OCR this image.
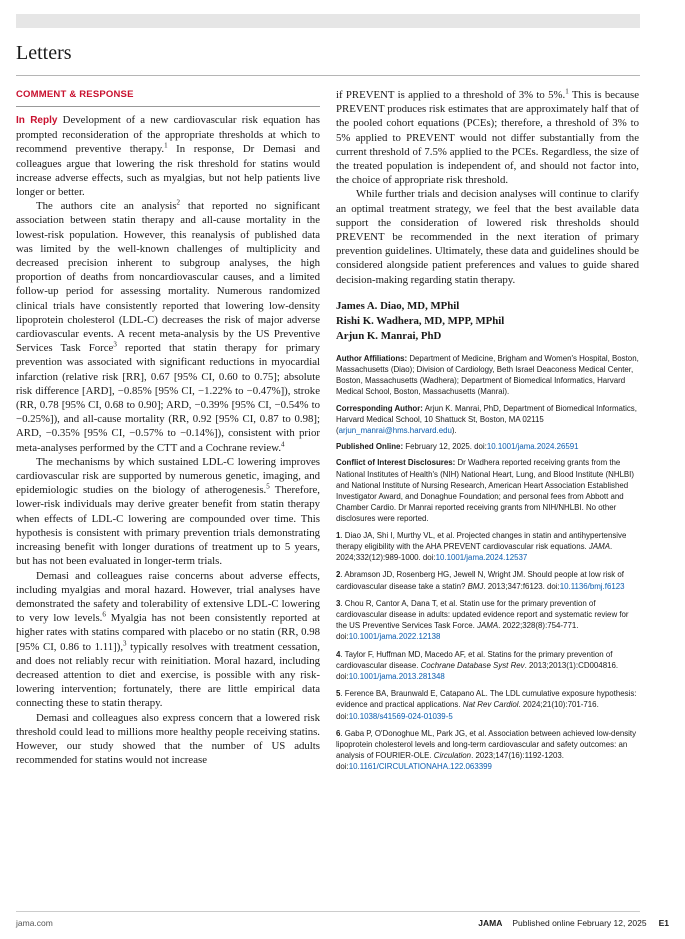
Letters
COMMENT & RESPONSE

In Reply Development of a new cardiovascular risk equation has prompted reconsideration of the appropriate thresholds at which to recommend preventive therapy.$^1$ In response, Dr Demasi and colleagues argue that lowering the risk threshold for statins would increase adverse effects, such as myalgias, but not help patients live longer or better.

The authors cite an analysis$^2$ that reported no significant association between statin therapy and all-cause mortality in the lowest-risk population. However, this reanalysis of published data was limited by the well-known challenges of multiplicity and decreased precision inherent to subgroup analyses, the high proportion of deaths from noncardiovascular causes, and a limited follow-up period for assessing mortality. Numerous randomized clinical trials have consistently reported that lowering low-density lipoprotein cholesterol (LDL-C) decreases the risk of major adverse cardiovascular events. A recent meta-analysis by the US Preventive Services Task Force$^3$ reported that statin therapy for primary prevention was associated with significant reductions in myocardial infarction (relative risk [RR], 0.67 [95% CI, 0.60 to 0.75]; absolute risk difference [ARD], −0.85% [95% CI, −1.22% to −0.47%]), stroke (RR, 0.78 [95% CI, 0.68 to 0.90]; ARD, −0.39% [95% CI, −0.54% to −0.25%]), and all-cause mortality (RR, 0.92 [95% CI, 0.87 to 0.98]; ARD, −0.35% [95% CI, −0.57% to −0.14%]), consistent with prior meta-analyses performed by the CTT and a Cochrane review.$^4$

The mechanisms by which sustained LDL-C lowering improves cardiovascular risk are supported by numerous genetic, imaging, and epidemiologic studies on the biology of atherogenesis.$^5$ Therefore, lower-risk individuals may derive greater benefit from statin therapy when effects of LDL-C lowering are compounded over time. This hypothesis is consistent with primary prevention trials demonstrating increasing benefit with longer durations of treatment up to 5 years, but has not been evaluated in longer-term trials.

Demasi and colleagues raise concerns about adverse effects, including myalgias and moral hazard. However, trial analyses have demonstrated the safety and tolerability of extensive LDL-C lowering to very low levels.$^6$ Myalgia has not been consistently reported at higher rates with statins compared with placebo or no statin (RR, 0.98 [95% CI, 0.86 to 1.11]),$^3$ typically resolves with treatment cessation, and does not reliably recur with reinitiation. Moral hazard, including decreased attention to diet and exercise, is possible with any risk-lowering intervention; fortunately, there are little empirical data connecting these to statin therapy.

Demasi and colleagues also express concern that a lowered risk threshold could lead to millions more healthy people receiving statins. However, our study showed that the number of US adults recommended for statins would not increase

if PREVENT is applied to a threshold of 3% to 5%.$^1$ This is because PREVENT produces risk estimates that are approximately half that of the pooled cohort equations (PCEs); therefore, a threshold of 3% to 5% applied to PREVENT would not differ substantially from the current threshold of 7.5% applied to the PCEs. Regardless, the size of the treated population is independent of, and should not factor into, the choice of appropriate risk threshold.

While further trials and decision analyses will continue to clarify an optimal treatment strategy, we feel that the best available data support the consideration of lowered risk thresholds should PREVENT be recommended in the next iteration of primary prevention guidelines. Ultimately, these data and guidelines should be considered alongside patient preferences and values to guide shared decision-making regarding statin therapy.

James A. Diao, MD, MPhil
Rishi K. Wadhera, MD, MPP, MPhil
Arjun K. Manrai, PhD

Author Affiliations: Department of Medicine, Brigham and Women's Hospital, Boston, Massachusetts (Diao); Division of Cardiology, Beth Israel Deaconess Medical Center, Boston, Massachusetts (Wadhera); Department of Biomedical Informatics, Harvard Medical School, Boston, Massachusetts (Manrai).

Corresponding Author: Arjun K. Manrai, PhD, Department of Biomedical Informatics, Harvard Medical School, 10 Shattuck St, Boston, MA 02115 (arjun_manrai@hms.harvard.edu).

Published Online: February 12, 2025. doi:10.1001/jama.2024.26591

Conflict of Interest Disclosures: Dr Wadhera reported receiving grants from the National Institutes of Health's (NIH) National Heart, Lung, and Blood Institute (NHLBI) and National Institute of Nursing Research, American Heart Association Established Investigator Award, and Donaghue Foundation; and personal fees from Abbott and Chamber Cardio. Dr Manrai reported receiving grants from NIH/NHLBI. No other disclosures were reported.

1. Diao JA, Shi I, Murthy VL, et al. Projected changes in statin and antihypertensive therapy eligibility with the AHA PREVENT cardiovascular risk equations. JAMA. 2024;332(12):989-1000. doi:10.1001/jama.2024.12537
2. Abramson JD, Rosenberg HG, Jewell N, Wright JM. Should people at low risk of cardiovascular disease take a statin? BMJ. 2013;347:f6123. doi:10.1136/bmj.f6123
3. Chou R, Cantor A, Dana T, et al. Statin use for the primary prevention of cardiovascular disease in adults: updated evidence report and systematic review for the US Preventive Services Task Force. JAMA. 2022;328(8):754-771. doi:10.1001/jama.2022.12138
4. Taylor F, Huffman MD, Macedo AF, et al. Statins for the primary prevention of cardiovascular disease. Cochrane Database Syst Rev. 2013;2013(1):CD004816. doi:10.1001/jama.2013.281348
5. Ference BA, Braunwald E, Catapano AL. The LDL cumulative exposure hypothesis: evidence and practical applications. Nat Rev Cardiol. 2024;21(10):701-716. doi:10.1038/s41569-024-01039-5
6. Gaba P, O'Donoghue ML, Park JG, et al. Association between achieved low-density lipoprotein cholesterol levels and long-term cardiovascular and safety outcomes: an analysis of FOURIER-OLE. Circulation. 2023;147(16):1192-1203. doi:10.1161/CIRCULATIONAHA.122.063399
jama.com	JAMA Published online February 12, 2025 E1
